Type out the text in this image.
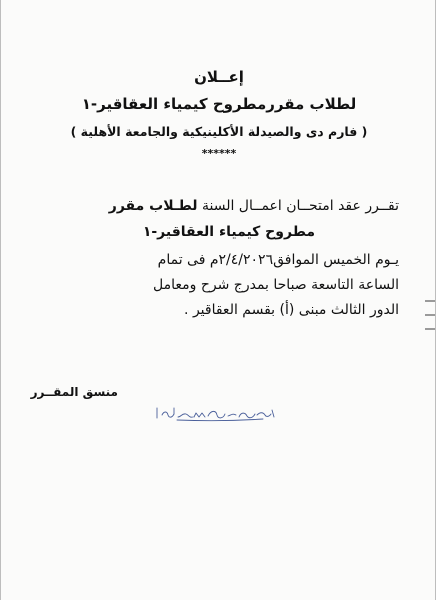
إعــلان
لطلاب مقررمطروح كيمياء العقاقير-١
( فارم دى والصيدلة الأكلينيكية والجامعة الأهلية )
******
تقــرر عقد امتحــان اعمــال السنة لطـلاب مقرر
مطروح كيمياء العقاقير-١
يـوم الخميس الموافق٢/٤/٢٠٢٦م فى تمام
الساعة التاسعة صباحا بمدرج شرح ومعامل
الدور الثالث مبنى (أ) بقسم العقاقير .
منسق المقــرر
